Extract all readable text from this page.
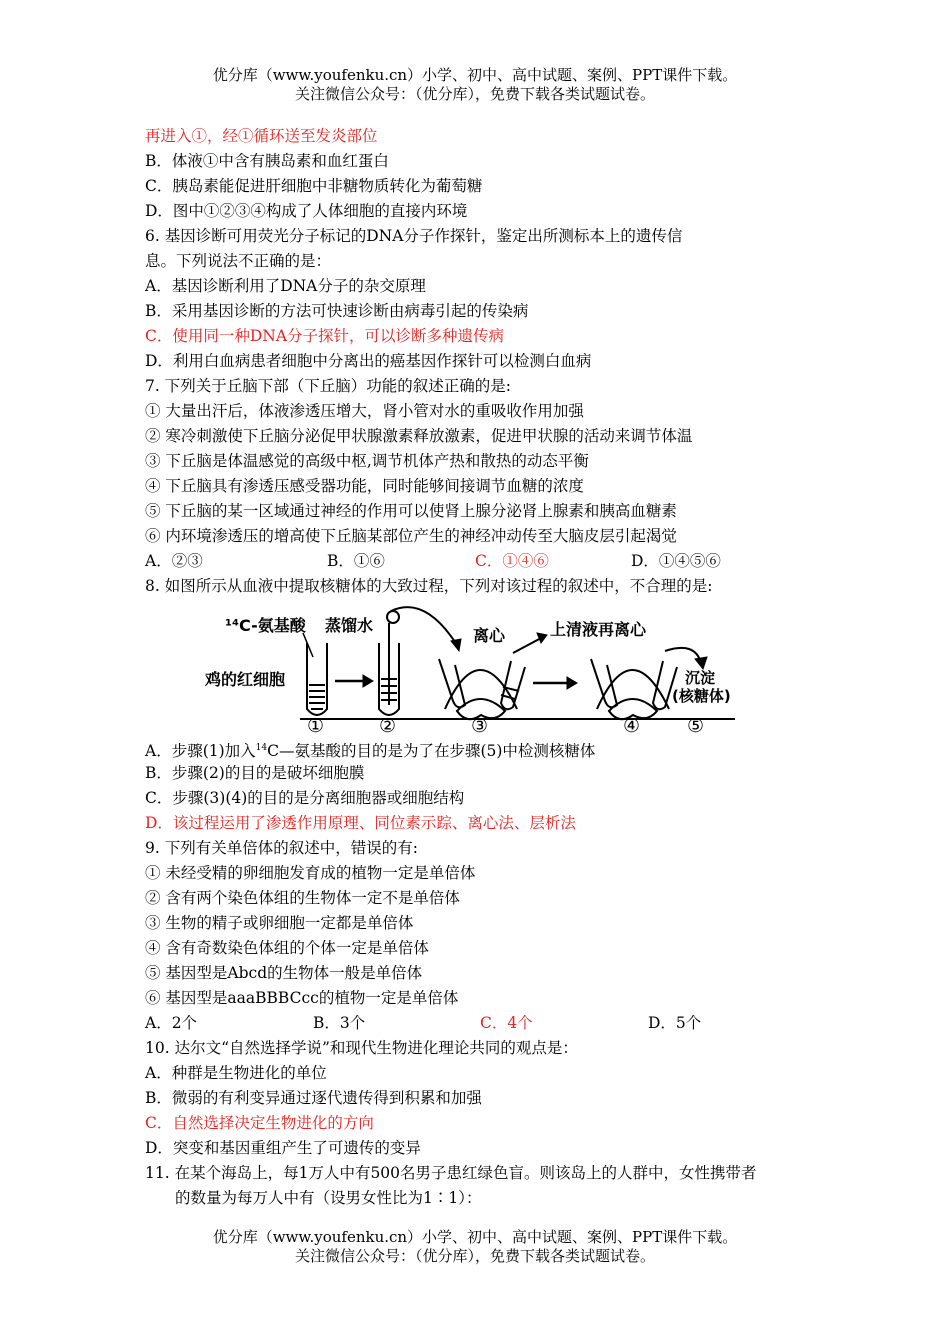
优分库（www.youfenku.cn）小学、初中、高中试题、案例、PPT课件下载。
关注微信公众号：（优分库），免费下载各类试题试卷。
再进入①，经①循环送至发炎部位
B．体液①中含有胰岛素和血红蛋白
C．胰岛素能促进肝细胞中非糖物质转化为葡萄糖
D．图中①②③④构成了人体细胞的直接内环境
6. 基因诊断可用荧光分子标记的DNA分子作探针，鉴定出所测标本上的遗传信
息。下列说法不正确的是：
A．基因诊断利用了DNA分子的杂交原理
B．采用基因诊断的方法可快速诊断由病毒引起的传染病
C．使用同一种DNA分子探针，可以诊断多种遗传病
D．利用白血病患者细胞中分离出的癌基因作探针可以检测白血病
7. 下列关于丘脑下部（下丘脑）功能的叙述正确的是:
① 大量出汗后，体液渗透压增大，肾小管对水的重吸收作用加强
② 寒冷刺激使下丘脑分泌促甲状腺激素释放激素，促进甲状腺的活动来调节体温
③ 下丘脑是体温感觉的高级中枢,调节机体产热和散热的动态平衡
④ 下丘脑具有渗透压感受器功能，同时能够间接调节血糖的浓度
⑤ 下丘脑的某一区域通过神经的作用可以使肾上腺分泌肾上腺素和胰高血糖素
⑥ 内环境渗透压的增高使下丘脑某部位产生的神经冲动传至大脑皮层引起渴觉
A．②③	B．①⑥	C．①④⑥	D．①④⑤⑥
8. 如图所示从血液中提取核糖体的大致过程，下列对该过程的叙述中，不合理的是:
¹⁴C-氨基酸 蒸馏水
鸡的红细胞
离心	上清液再离心
沉淀
(核糖体)
①	②	③	④ ⑤
A．步骤(1)加入$^{14}$C—氨基酸的目的是为了在步骤(5)中检测核糖体
B．步骤(2)的目的是破坏细胞膜
C．步骤(3)(4)的目的是分离细胞器或细胞结构
D．该过程运用了渗透作用原理、同位素示踪、离心法、层析法
9. 下列有关单倍体的叙述中，错误的有:
① 未经受精的卵细胞发育成的植物一定是单倍体
② 含有两个染色体组的生物体一定不是单倍体
③ 生物的精子或卵细胞一定都是单倍体
④ 含有奇数染色体组的个体一定是单倍体
⑤ 基因型是Abcd的生物体一般是单倍体
⑥ 基因型是aaaBBBCcc的植物一定是单倍体
A．2个	B．3个	C．4个	D．5个
10. 达尔文“自然选择学说”和现代生物进化理论共同的观点是：
A．种群是生物进化的单位
B．微弱的有利变异通过逐代遗传得到积累和加强
C．自然选择决定生物进化的方向
D．突变和基因重组产生了可遗传的变异
11. 在某个海岛上，每1万人中有500名男子患红绿色盲。则该岛上的人群中，女性携带者
的数量为每万人中有（设男女性比为1∶1）：
优分库（www.youfenku.cn）小学、初中、高中试题、案例、PPT课件下载。
关注微信公众号：（优分库），免费下载各类试题试卷。
